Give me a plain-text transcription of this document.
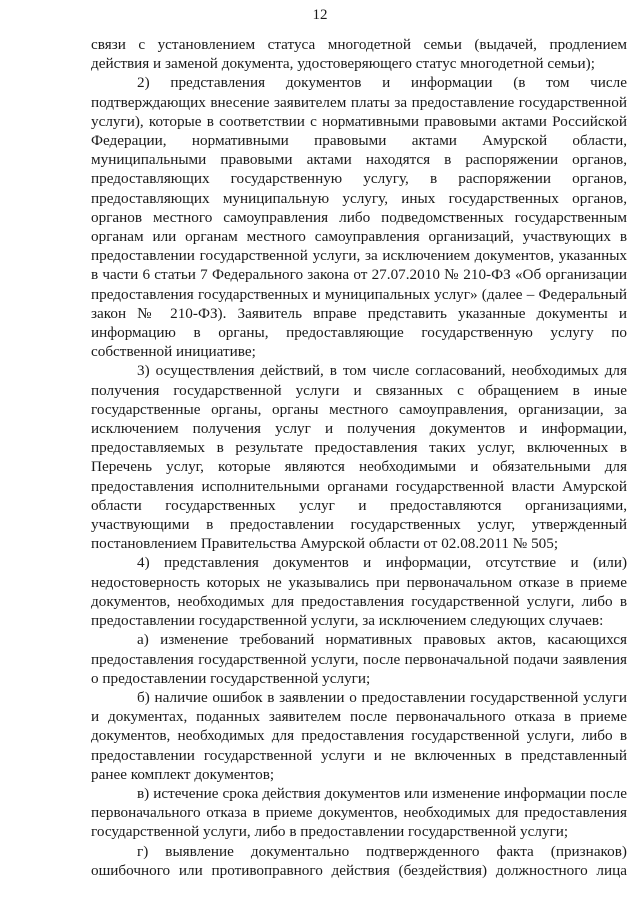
12

связи с установлением статуса многодетной семьи (выдачей, продлением действия и заменой документа, удостоверяющего статус многодетной семьи);

2) представления документов и информации (в том числе подтверждающих внесение заявителем платы за предоставление государственной услуги), которые в соответствии с нормативными правовыми актами Российской Федерации, нормативными правовыми актами Амурской области, муниципальными правовыми актами находятся в распоряжении органов, предоставляющих государственную услугу, в распоряжении органов, предоставляющих муниципальную услугу, иных государственных органов, органов местного самоуправления либо подведомственных государственным органам или органам местного самоуправления организаций, участвующих в предоставлении государственной услуги, за исключением документов, указанных в части 6 статьи 7 Федерального закона от 27.07.2010 № 210-ФЗ «Об организации предоставления государственных и муниципальных услуг» (далее – Федеральный закон № 210-ФЗ). Заявитель вправе представить указанные документы и информацию в органы, предоставляющие государственную услугу по собственной инициативе;

3) осуществления действий, в том числе согласований, необходимых для получения государственной услуги и связанных с обращением в иные государственные органы, органы местного самоуправления, организации, за исключением получения услуг и получения документов и информации, предоставляемых в результате предоставления таких услуг, включенных в Перечень услуг, которые являются необходимыми и обязательными для предоставления исполнительными органами государственной власти Амурской области государственных услуг и предоставляются организациями, участвующими в предоставлении государственных услуг, утвержденный постановлением Правительства Амурской области от 02.08.2011 № 505;

4) представления документов и информации, отсутствие и (или) недостоверность которых не указывались при первоначальном отказе в приеме документов, необходимых для предоставления государственной услуги, либо в предоставлении государственной услуги, за исключением следующих случаев:

а) изменение требований нормативных правовых актов, касающихся предоставления государственной услуги, после первоначальной подачи заявления о предоставлении государственной услуги;

б) наличие ошибок в заявлении о предоставлении государственной услуги и документах, поданных заявителем после первоначального отказа в приеме документов, необходимых для предоставления государственной услуги, либо в предоставлении государственной услуги и не включенных в представленный ранее комплект документов;

в) истечение срока действия документов или изменение информации после первоначального отказа в приеме документов, необходимых для предоставления государственной услуги, либо в предоставлении государственной услуги;

г) выявление документально подтвержденного факта (признаков) ошибочного или противоправного действия (бездействия) должностного лица
